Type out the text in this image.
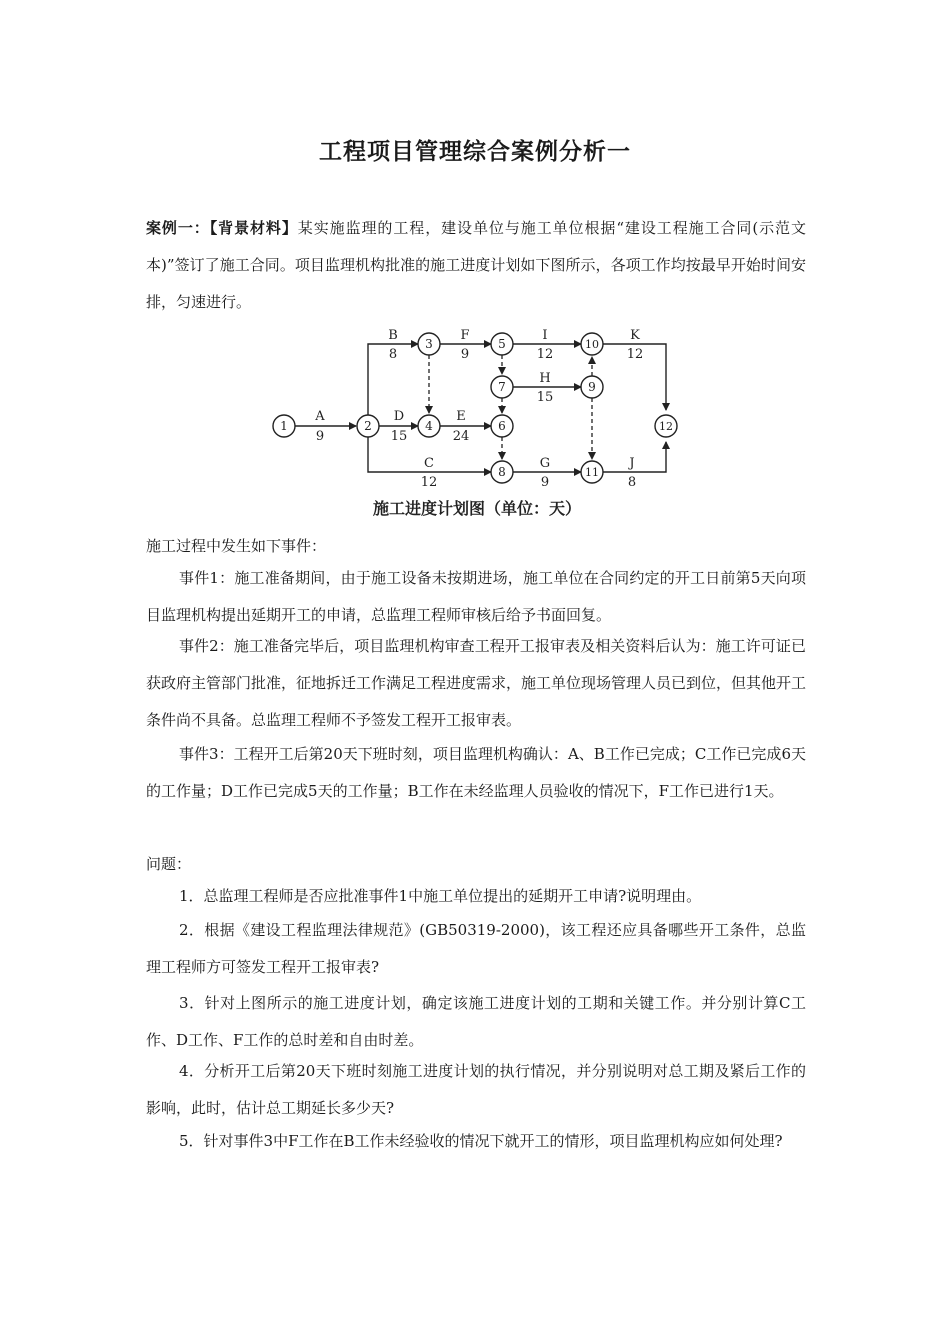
工程项目管理综合案例分析一
案例一：【背景材料】某实施监理的工程，建设单位与施工单位根据“建设工程施工合同(示范文本)”签订了施工合同。项目监理机构批准的施工进度计划如下图所示，各项工作均按最早开始时间安排，匀速进行。
A
9
B
8
F
9
I
12
K
12
D
15
E
24
H
15
C
12
G
9
J
8
1	2
3
4
5
6
7
8
9
10
11
12
施工进度计划图（单位：天）
施工过程中发生如下事件：
事件1：施工准备期间，由于施工设备未按期进场，施工单位在合同约定的开工日前第5天向项目监理机构提出延期开工的申请，总监理工程师审核后给予书面回复。
事件2：施工准备完毕后，项目监理机构审查工程开工报审表及相关资料后认为：施工许可证已获政府主管部门批准，征地拆迁工作满足工程进度需求，施工单位现场管理人员已到位，但其他开工条件尚不具备。总监理工程师不予签发工程开工报审表。
事件3：工程开工后第20天下班时刻，项目监理机构确认：A、B工作已完成；C工作已完成6天的工作量；D工作已完成5天的工作量；B工作在未经监理人员验收的情况下，F工作已进行1天。
问题：
1．总监理工程师是否应批准事件1中施工单位提出的延期开工申请?说明理由。
2．根据《建设工程监理法律规范》(GB50319-2000)，该工程还应具备哪些开工条件，总监理工程师方可签发工程开工报审表?
3．针对上图所示的施工进度计划，确定该施工进度计划的工期和关键工作。并分别计算C工作、D工作、F工作的总时差和自由时差。
4．分析开工后第20天下班时刻施工进度计划的执行情况，并分别说明对总工期及紧后工作的影响，此时，估计总工期延长多少天?
5．针对事件3中F工作在B工作未经验收的情况下就开工的情形，项目监理机构应如何处理?
